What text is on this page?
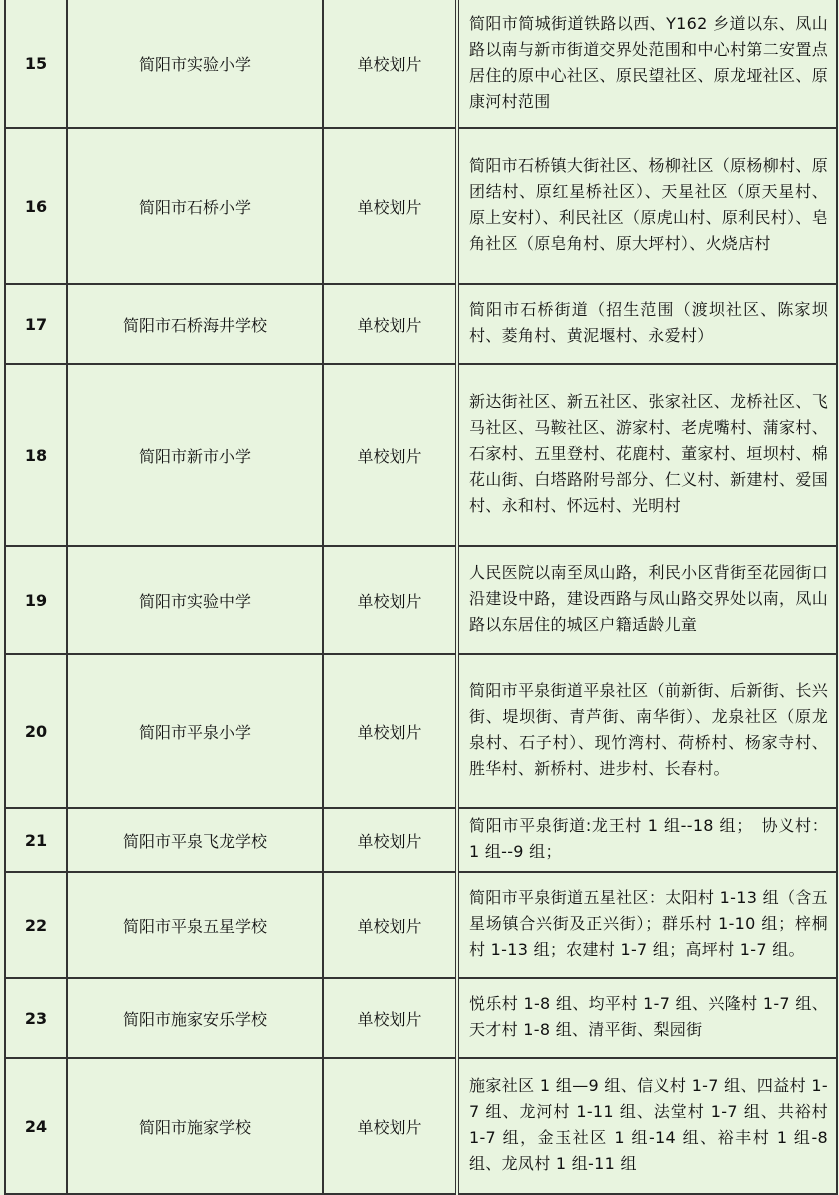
15	简阳市实验小学	单校划片	简阳市简城街道铁路以西、Y162 乡道以东、凤山路以南与新市街道交界处范围和中心村第二安置点居住的原中心社区、原民望社区、原龙垭社区、原康河村范围
16	简阳市石桥小学	单校划片	简阳市石桥镇大街社区、杨柳社区（原杨柳村、原团结村、原红星桥社区）、天星社区（原天星村、原上安村）、利民社区（原虎山村、原利民村）、皂角社区（原皂角村、原大坪村）、火烧店村
17	简阳市石桥海井学校	单校划片	简阳市石桥街道（招生范围（渡坝社区、陈家坝村、菱角村、黄泥堰村、永爱村）
18	简阳市新市小学	单校划片	新达街社区、新五社区、张家社区、龙桥社区、飞马社区、马鞍社区、游家村、老虎嘴村、蒲家村、石家村、五里登村、花鹿村、董家村、垣坝村、棉花山街、白塔路附号部分、仁义村、新建村、爱国村、永和村、怀远村、光明村
19	简阳市实验中学	单校划片	人民医院以南至凤山路，利民小区背街至花园街口沿建设中路，建设西路与凤山路交界处以南，凤山路以东居住的城区户籍适龄儿童
20	简阳市平泉小学	单校划片	简阳市平泉街道平泉社区（前新街、后新街、长兴街、堤坝街、青芦街、南华街）、龙泉社区（原龙泉村、石子村）、现竹湾村、荷桥村、杨家寺村、胜华村、新桥村、进步村、长春村。
21	简阳市平泉飞龙学校	单校划片	简阳市平泉街道:龙王村 1 组--18 组；　协义村：1 组--9 组；
22	简阳市平泉五星学校	单校划片	简阳市平泉街道五星社区：太阳村 1-13 组（含五星场镇合兴街及正兴街）；群乐村 1-10 组；梓桐村 1-13 组；农建村 1-7 组；高坪村 1-7 组。
23	简阳市施家安乐学校	单校划片	悦乐村 1-8 组、均平村 1-7 组、兴隆村 1-7 组、天才村 1-8 组、清平街、梨园街
24	简阳市施家学校	单校划片	施家社区 1 组—9 组、信义村 1-7 组、四益村 1-7 组、龙河村 1-11 组、法堂村 1-7 组、共裕村 1-7 组，金玉社区 1 组-14 组、裕丰村 1 组-8 组、龙凤村 1 组-11 组
